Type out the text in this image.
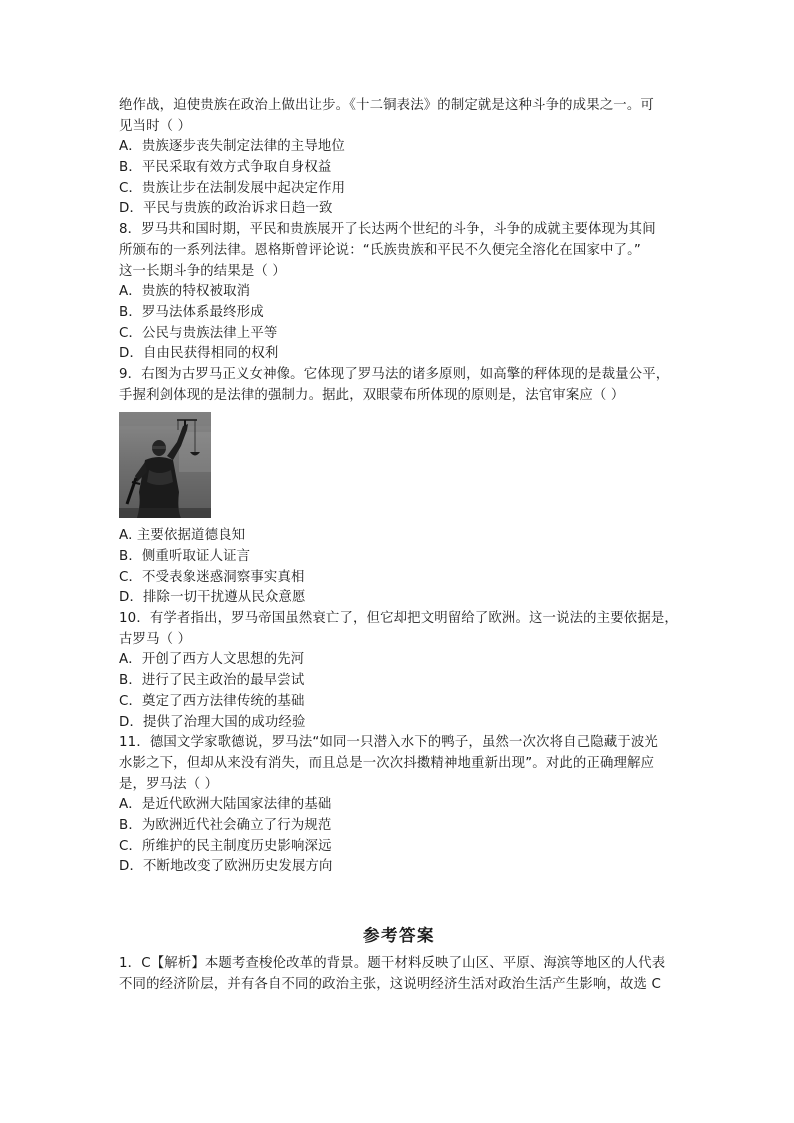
绝作战，迫使贵族在政治上做出让步。《十二铜表法》的制定就是这种斗争的成果之一。可
见当时（ ）
A．贵族逐步丧失制定法律的主导地位
B．平民采取有效方式争取自身权益
C．贵族让步在法制发展中起决定作用
D．平民与贵族的政治诉求日趋一致
8．罗马共和国时期，平民和贵族展开了长达两个世纪的斗争，斗争的成就主要体现为其间
所颁布的一系列法律。恩格斯曾评论说：“氏族贵族和平民不久便完全溶化在国家中了。”
这一长期斗争的结果是（ ）
A．贵族的特权被取消
B．罗马法体系最终形成
C．公民与贵族法律上平等
D．自由民获得相同的权利
9．右图为古罗马正义女神像。它体现了罗马法的诸多原则，如高擎的秤体现的是裁量公平，
手握利剑体现的是法律的强制力。据此，双眼蒙布所体现的原则是，法官审案应（ ）
A. 主要依据道德良知
B．侧重听取证人证言
C．不受表象迷惑洞察事实真相
D．排除一切干扰遵从民众意愿
10．有学者指出，罗马帝国虽然衰亡了，但它却把文明留给了欧洲。这一说法的主要依据是，
古罗马（ ）
A．开创了西方人文思想的先河
B．进行了民主政治的最早尝试
C．奠定了西方法律传统的基础
D．提供了治理大国的成功经验
11．德国文学家歌德说，罗马法“如同一只潜入水下的鸭子，虽然一次次将自己隐藏于波光
水影之下，但却从来没有消失，而且总是一次次抖擞精神地重新出现”。对此的正确理解应
是，罗马法（ ）
A．是近代欧洲大陆国家法律的基础
B．为欧洲近代社会确立了行为规范
C．所维护的民主制度历史影响深远
D．不断地改变了欧洲历史发展方向
参考答案
1．C【解析】本题考查梭伦改革的背景。题干材料反映了山区、平原、海滨等地区的人代表
不同的经济阶层，并有各自不同的政治主张，这说明经济生活对政治生活产生影响，故选 C
